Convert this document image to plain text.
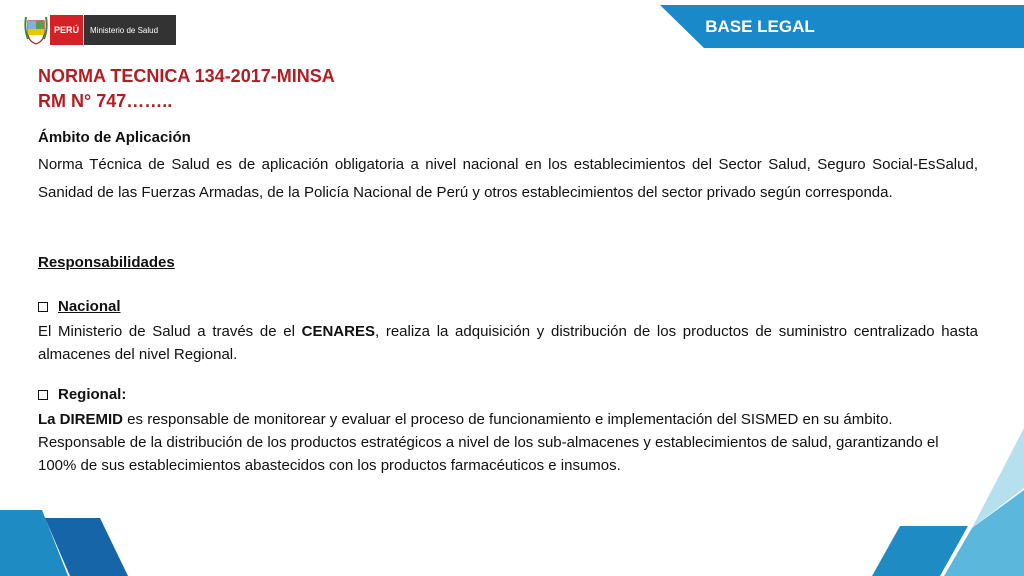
PERÚ	Ministerio de Salud	BASE LEGAL
NORMA TECNICA 134-2017-MINSA
RM N° 747……..
Ámbito de Aplicación
Norma Técnica de Salud es de aplicación obligatoria a nivel nacional en los establecimientos del Sector Salud, Seguro Social-EsSalud, Sanidad de las Fuerzas Armadas, de la Policía Nacional de Perú y otros establecimientos del sector privado según corresponda.
Responsabilidades
Nacional
El Ministerio de Salud a través de el CENARES, realiza la adquisición y distribución de los productos de suministro centralizado hasta almacenes del nivel Regional.
Regional:
La DIREMID es responsable de monitorear y evaluar el proceso de funcionamiento e implementación del SISMED en su ámbito.
Responsable de la distribución de los productos estratégicos a nivel de los sub-almacenes y establecimientos de salud, garantizando el 100% de sus establecimientos abastecidos con los productos farmacéuticos e insumos.
